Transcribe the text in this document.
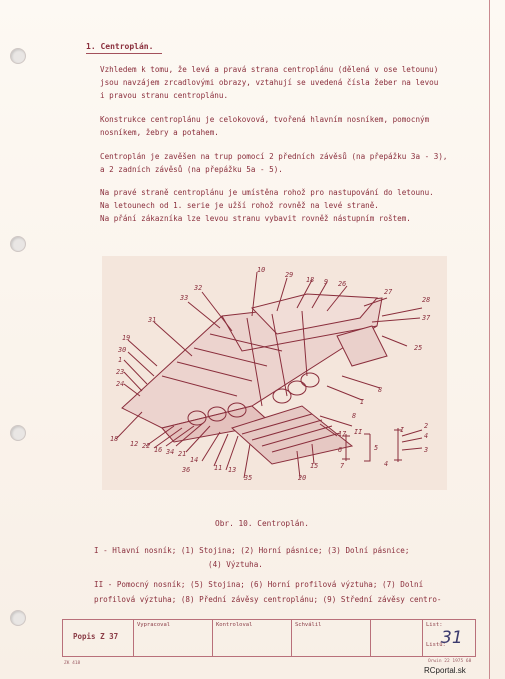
1. Centroplán.
Vzhledem k tomu, že levá a pravá strana centroplánu (dělená v ose letounu)
jsou navzájem zrcadlovými obrazy, vztahují se uvedená čísla žeber na levou
i pravou stranu centroplánu.
Konstrukce centroplánu je celokovová, tvořená hlavním nosníkem, pomocným
nosníkem, žebry a potahem.
Centroplán je zavěšen na trup pomocí 2 předních závěsů (na přepážku 3a - 3),
a 2 zadních závěsů (na přepážku 5a - 5).
Na pravé straně centroplánu je umístěna rohož pro nastupování do letounu.
Na letounech od 1. serie je užší rohož rovněž na levé straně.
Na přání zákazníka lze levou stranu vybavit rovněž nástupním roštem.
10
29
18 9 26
27
28
37
25
32
33
31
19
30
1
23
24
8
I
8
17
18
12 22 16 34 21
14
36	11 13
35	20
15
6
7
II
5
4
I	2
4
3
Obr. 10. Centroplán.
I - Hlavní nosník; (1) Stojina; (2) Horní pásnice; (3) Dolní pásnice;
(4) Výztuha.
II - Pomocný nosník; (5) Stojina; (6) Horní profilová výztuha; (7) Dolní
profilová výztuha; (8) Přední závěsy centroplánu; (9) Střední závěsy centro-
Popis Z 37
Vypracoval	Kontroloval	Schválil	List:
Listů:
31
ZK 418	Orwin 22 1975 68
RCportal.sk
